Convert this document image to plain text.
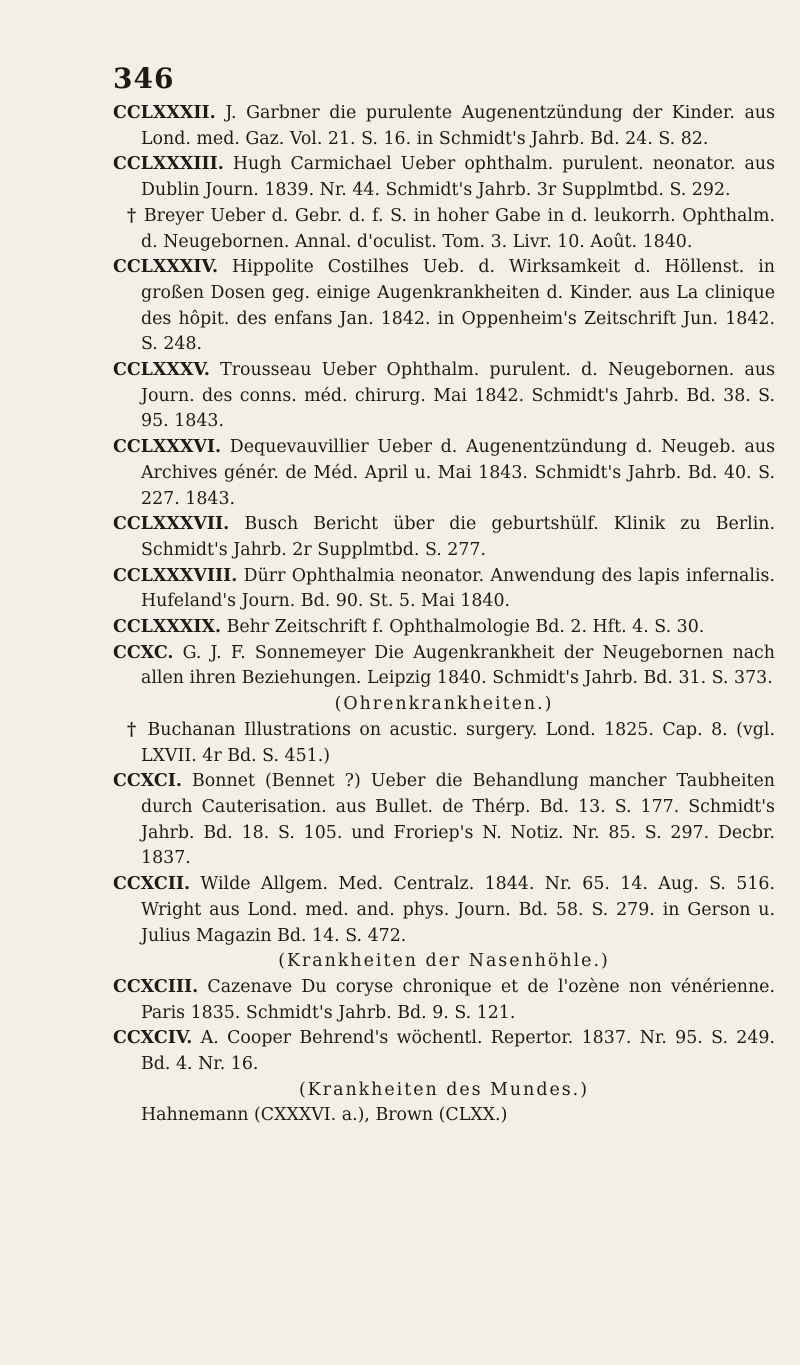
346

CCLXXXII. J. Garbner die purulente Augenentzündung der Kinder. aus Lond. med. Gaz. Vol. 21. S. 16. in Schmidt's Jahrb. Bd. 24. S. 82.

CCLXXXIII. Hugh Carmichael Ueber ophthalm. purulent. neonator. aus Dublin Journ. 1839. Nr. 44. Schmidt's Jahrb. 3r Supplmtbd. S. 292.

† Breyer Ueber d. Gebr. d. f. S. in hoher Gabe in d. leukorrh. Ophthalm. d. Neugebornen. Annal. d'oculist. Tom. 3. Livr. 10. Août. 1840.

CCLXXXIV. Hippolite Costilhes Ueb. d. Wirksamkeit d. Höllenst. in großen Dosen geg. einige Augenkrankheiten d. Kinder. aus La clinique des hôpit. des enfans Jan. 1842. in Oppenheim's Zeitschrift Jun. 1842. S. 248.

CCLXXXV. Trousseau Ueber Ophthalm. purulent. d. Neugebornen. aus Journ. des conns. méd. chirurg. Mai 1842. Schmidt's Jahrb. Bd. 38. S. 95. 1843.

CCLXXXVI. Dequevauvillier Ueber d. Augenentzündung d. Neugeb. aus Archives génér. de Méd. April u. Mai 1843. Schmidt's Jahrb. Bd. 40. S. 227. 1843.

CCLXXXVII. Busch Bericht über die geburtshülf. Klinik zu Berlin. Schmidt's Jahrb. 2r Supplmtbd. S. 277.

CCLXXXVIII. Dürr Ophthalmia neonator. Anwendung des lapis infernalis. Hufeland's Journ. Bd. 90. St. 5. Mai 1840.

CCLXXXIX. Behr Zeitschrift f. Ophthalmologie Bd. 2. Hft. 4. S. 30.

CCXC. G. J. F. Sonnemeyer Die Augenkrankheit der Neugebornen nach allen ihren Beziehungen. Leipzig 1840. Schmidt's Jahrb. Bd. 31. S. 373.

(Ohrenkrankheiten.)

† Buchanan Illustrations on acustic. surgery. Lond. 1825. Cap. 8. (vgl. LXVII. 4r Bd. S. 451.)

CCXCI. Bonnet (Bennet ?) Ueber die Behandlung mancher Taubheiten durch Cauterisation. aus Bullet. de Thérp. Bd. 13. S. 177. Schmidt's Jahrb. Bd. 18. S. 105. und Froriep's N. Notiz. Nr. 85. S. 297. Decbr. 1837.

CCXCII. Wilde Allgem. Med. Centralz. 1844. Nr. 65. 14. Aug. S. 516. Wright aus Lond. med. and. phys. Journ. Bd. 58. S. 279. in Gerson u. Julius Magazin Bd. 14. S. 472.

(Krankheiten der Nasenhöhle.)

CCXCIII. Cazenave Du coryse chronique et de l'ozène non vénérienne. Paris 1835. Schmidt's Jahrb. Bd. 9. S. 121.

CCXCIV. A. Cooper Behrend's wöchentl. Repertor. 1837. Nr. 95. S. 249. Bd. 4. Nr. 16.

(Krankheiten des Mundes.)

Hahnemann (CXXXVI. a.), Brown (CLXX.)
